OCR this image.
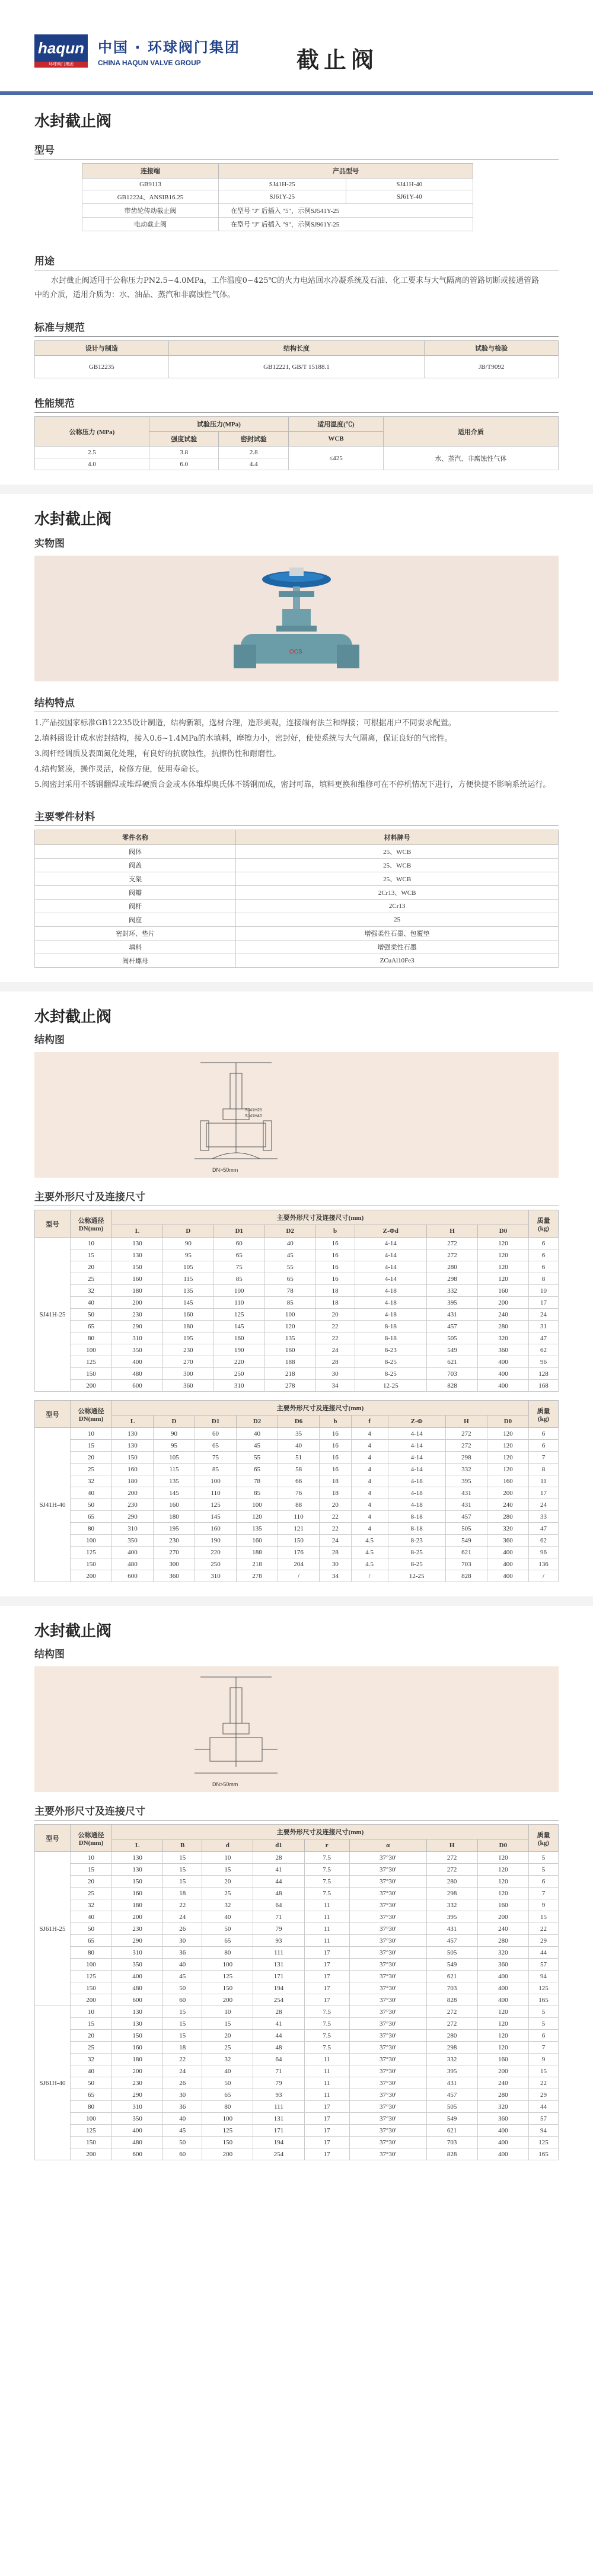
haqun
环球阀门集团
中国 · 环球阀门集团
CHINA HAQUN VALVE GROUP	截止阀
水封截止阀
型号
连接端	产品型号	
GB9113	SJ41H-25	SJ41H-40
GB12224、ANSIB16.25	SJ61Y-25	SJ61Y-40
带齿轮传动截止阀	在型号 "J" 后插入 "5"，示例SJ541Y-25	
电动截止阀	在型号 "J" 后插入 "9"，示例SJ961Y-25	
用途

水封截止阀适用于公称压力PN2.5~4.0MPa，工作温度0~425℃的火力电站回水冷凝系统及石油、化工要求与大气隔离的管路切断或接通管路中的介质，适用介质为：水、油品、蒸汽和非腐蚀性气体。

标准与规范
设计与制造	结构长度	试验与检验
GB12235	GB12221, GB/T 15188.1	JB/T9092
性能规范
公称压力 (MPa)	试验压力(MPa)		适用温度(℃)	适用介质
	强度试验	密封试验	WCB	
2.5	3.8	2.8	≤425	水、蒸汽、非腐蚀性气体
4.0	6.0	4.4		
水封截止阀
实物图
OCS
结构特点
1.产品按国家标准GB12235设计制造，结构新颖，选材合理，造形美观，连接端有法兰和焊接；可根据用户不同要求配置。
2.填料函设计成水密封结构，接入0.6~1.4MPa的水填料，摩擦力小，密封好，使使系统与大气隔离，保证良好的气密性。
3.阀杆经调质及表面氮化处理，有良好的抗腐蚀性，抗擦伤性和耐磨性。
4.结构紧凑，操作灵活，检修方便，使用寿命长。
5.阀密封采用不锈钢翻焊或堆焊硬质合金或本体堆焊奥氏体不锈钢而成，密封可靠，填料更换和维修可在不停机情况下进行，方便快捷不影响系统运行。
主要零件材料
零件名称	材料牌号
阀体	25、WCB
阀盖	25、WCB
支架	25、WCB
阀瓣	2Cr13、WCB
阀杆	2Cr13
阀座	25
密封环、垫片	增强柔性石墨、包覆垫
填料	增强柔性石墨
阀杆螺母	ZCuAl10Fe3
水封截止阀
结构图
SJ41H25
SJ41H40
DN>50mm
主要外形尺寸及连接尺寸
型号	公称通径
DN(mm)	主要外形尺寸及连接尺寸(mm)								质量
(kg)
		L	D	D1	D2	b	Z-Φd	H	D0	
SJ41H-25	10	130	90	60	40	16	4-14	272	120	6
	15	130	95	65	45	16	4-14	272	120	6
	20	150	105	75	55	16	4-14	280	120	6
	25	160	115	85	65	16	4-14	298	120	8
	32	180	135	100	78	18	4-18	332	160	10
	40	200	145	110	85	18	4-18	395	200	17
	50	230	160	125	100	20	4-18	431	240	24
	65	290	180	145	120	22	8-18	457	280	31
	80	310	195	160	135	22	8-18	505	320	47
	100	350	230	190	160	24	8-23	549	360	62
	125	400	270	220	188	28	8-25	621	400	96
	150	480	300	250	218	30	8-25	703	400	128
	200	600	360	310	278	34	12-25	828	400	168
型号	公称通径
DN(mm)	主要外形尺寸及连接尺寸(mm)										质量
(kg)
		L	D	D1	D2	D6	b	f	Z-Φ	H	D0	
SJ41H-40	10	130	90	60	40	35	16	4	4-14	272	120	6
	15	130	95	65	45	40	16	4	4-14	272	120	6
	20	150	105	75	55	51	16	4	4-14	298	120	7
	25	160	115	85	65	58	16	4	4-14	332	120	8
	32	180	135	100	78	66	18	4	4-18	395	160	11
	40	200	145	110	85	76	18	4	4-18	431	200	17
	50	230	160	125	100	88	20	4	4-18	431	240	24
	65	290	180	145	120	110	22	4	8-18	457	280	33
	80	310	195	160	135	121	22	4	8-18	505	320	47
	100	350	230	190	160	150	24	4.5	8-23	549	360	62
	125	400	270	220	188	176	28	4.5	8-25	621	400	96
	150	480	300	250	218	204	30	4.5	8-25	703	400	136
	200	600	360	310	278	/	34	/	12-25	828	400	/
水封截止阀
结构图
DN>50mm
主要外形尺寸及连接尺寸
型号	公称通径
DN(mm)	主要外形尺寸及连接尺寸(mm)								质量
(kg)
		L	B	d	d1	r	α	H	D0	
SJ61H-25	10	130	15	10	28	7.5	37°30'	272	120	5
	15	130	15	15	41	7.5	37°30'	272	120	5
	20	150	15	20	44	7.5	37°30'	280	120	6
	25	160	18	25	48	7.5	37°30'	298	120	7
	32	180	22	32	64	11	37°30'	332	160	9
	40	200	24	40	71	11	37°30'	395	200	15
	50	230	26	50	79	11	37°30'	431	240	22
	65	290	30	65	93	11	37°30'	457	280	29
	80	310	36	80	111	17	37°30'	505	320	44
	100	350	40	100	131	17	37°30'	549	360	57
	125	400	45	125	171	17	37°30'	621	400	94
	150	480	50	150	194	17	37°30'	703	400	125
	200	600	60	200	254	17	37°30'	828	400	165
SJ61H-40	10	130	15	10	28	7.5	37°30'	272	120	5
	15	130	15	15	41	7.5	37°30'	272	120	5
	20	150	15	20	44	7.5	37°30'	280	120	6
	25	160	18	25	48	7.5	37°30'	298	120	7
	32	180	22	32	64	11	37°30'	332	160	9
	40	200	24	40	71	11	37°30'	395	200	15
	50	230	26	50	79	11	37°30'	431	240	22
	65	290	30	65	93	11	37°30'	457	280	29
	80	310	36	80	111	17	37°30'	505	320	44
	100	350	40	100	131	17	37°30'	549	360	57
	125	400	45	125	171	17	37°30'	621	400	94
	150	480	50	150	194	17	37°30'	703	400	125
	200	600	60	200	254	17	37°30'	828	400	165
